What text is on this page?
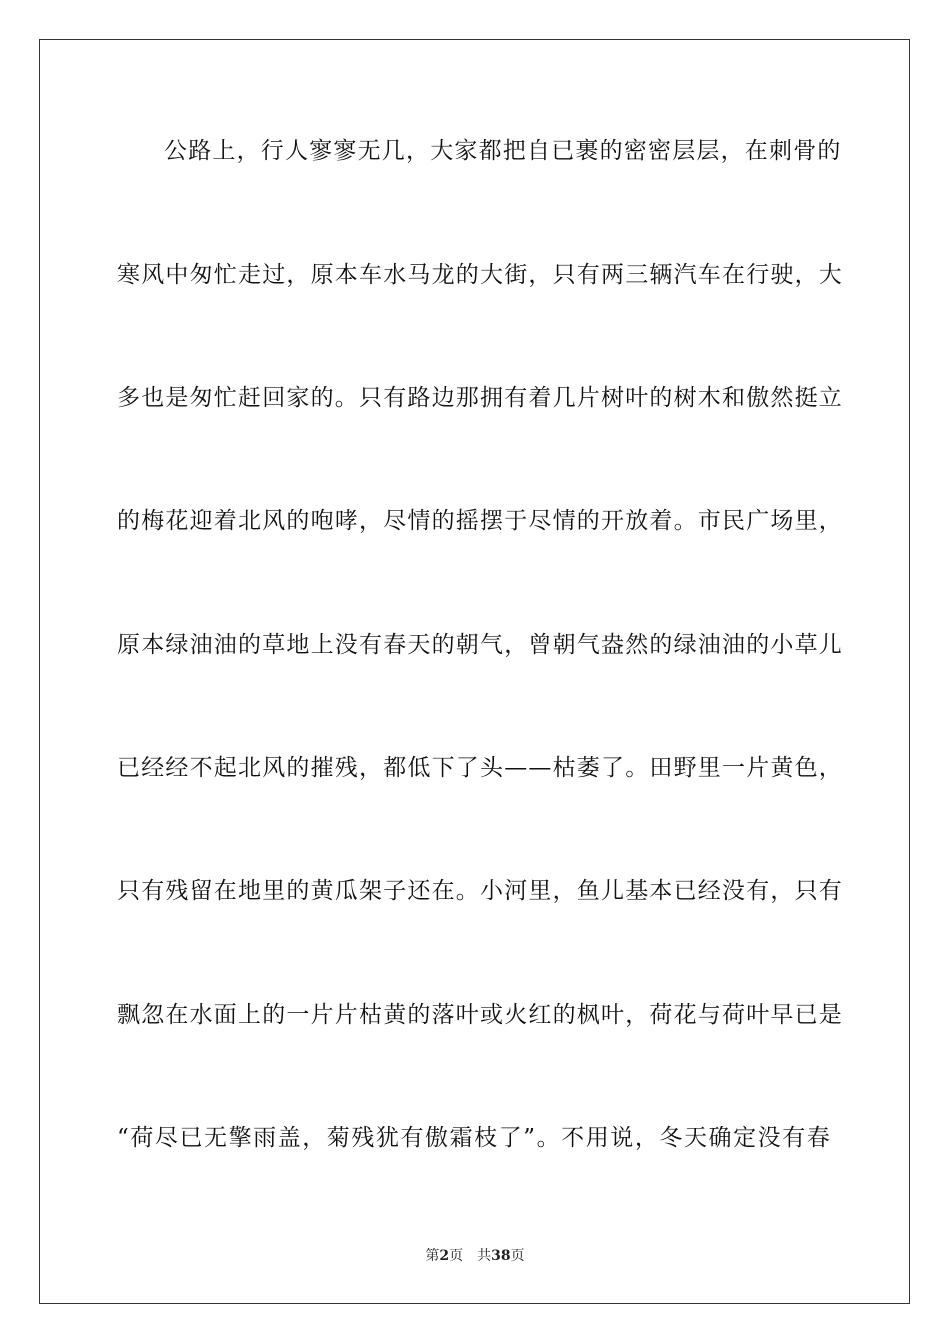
公路上，行人寥寥无几，大家都把自已裹的密密层层，在刺骨的
寒风中匆忙走过，原本车水马龙的大街，只有两三辆汽车在行驶，大
多也是匆忙赶回家的。只有路边那拥有着几片树叶的树木和傲然挺立
的梅花迎着北风的咆哮，尽情的摇摆于尽情的开放着。市民广场里，
原本绿油油的草地上没有春天的朝气，曾朝气盎然的绿油油的小草儿
已经经不起北风的摧残，都低下了头——枯萎了。田野里一片黄色，
只有残留在地里的黄瓜架子还在。小河里，鱼儿基本已经没有，只有
飘忽在水面上的一片片枯黄的落叶或火红的枫叶，荷花与荷叶早已是
“荷尽已无擎雨盖，菊残犹有傲霜枝了”。不用说，冬天确定没有春
第2页 共38页
